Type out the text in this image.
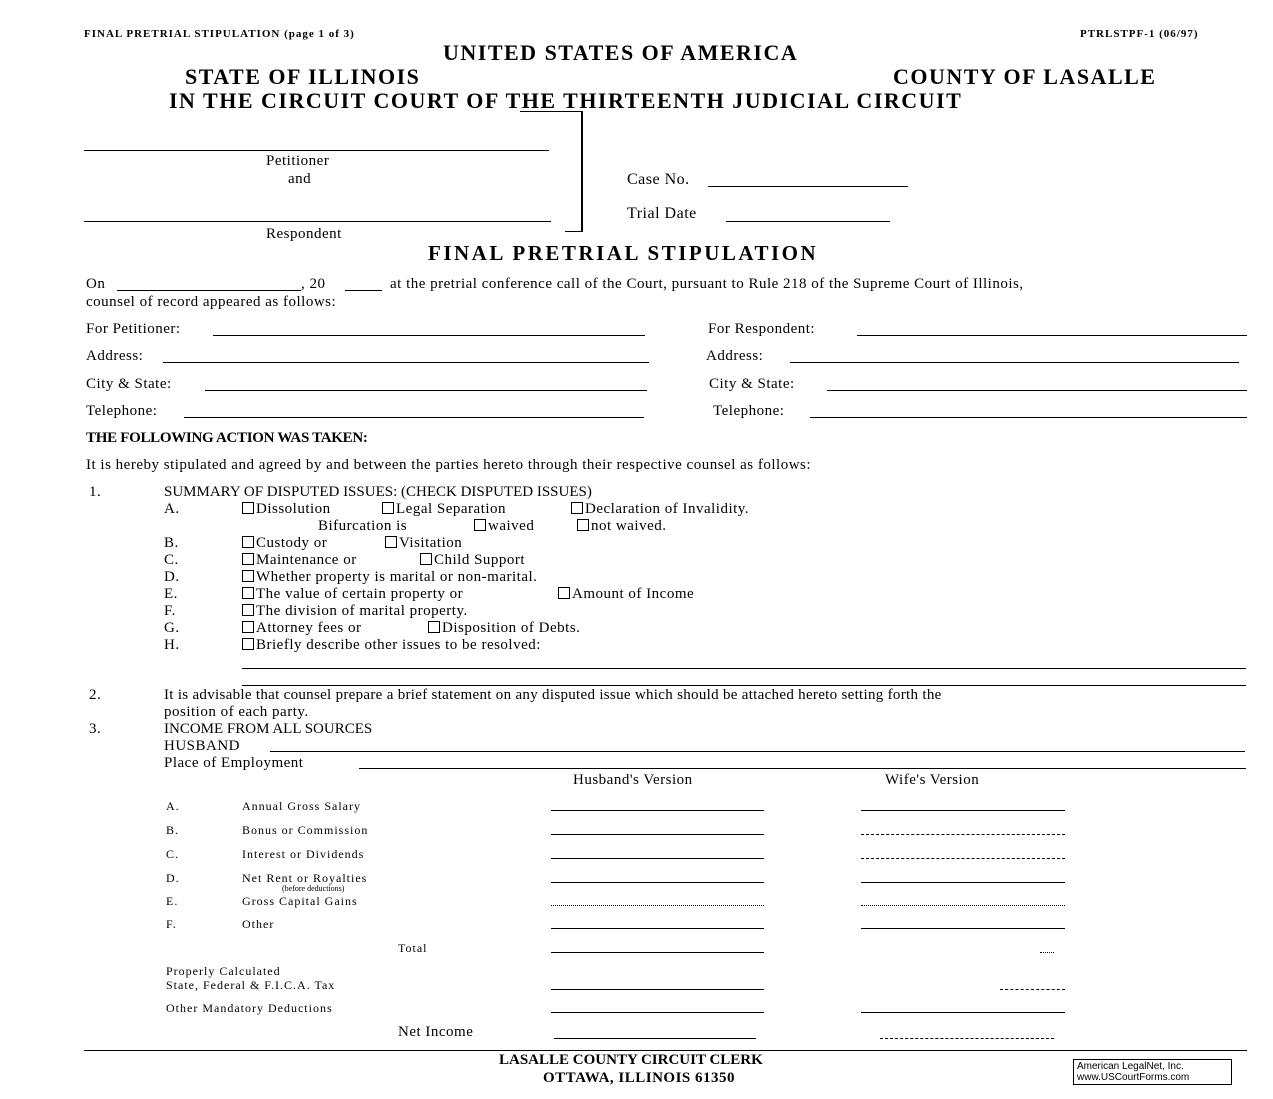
FINAL PRETRIAL STIPULATION (page 1 of 3)	PTRLSTPF-1 (06/97)
UNITED STATES OF AMERICA
STATE OF ILLINOIS	COUNTY OF LASALLE
IN THE CIRCUIT COURT OF THE THIRTEENTH JUDICIAL CIRCUIT
Petitioner
and
Respondent
Case No.
Trial Date
FINAL PRETRIAL STIPULATION
On	, 20	at the pretrial conference call of the Court, pursuant to Rule 218 of the Supreme Court of Illinois,
counsel of record appeared as follows:
For Petitioner:	For Respondent:
Address:	Address:
City & State:	City & State:
Telephone:	Telephone:
THE FOLLOWING ACTION WAS TAKEN:
It is hereby stipulated and agreed by and between the parties hereto through their respective counsel as follows:
1.	SUMMARY OF DISPUTED ISSUES: (CHECK DISPUTED ISSUES)
A.	Dissolution	Legal Separation	Declaration of Invalidity.
Bifurcation is	waived	not waived.
B.	Custody or	Visitation
C.	Maintenance or	Child Support
D.	Whether property is marital or non-marital.
E.	The value of certain property or	Amount of Income
F.	The division of marital property.
G.	Attorney fees or	Disposition of Debts.
H.	Briefly describe other issues to be resolved:
2.	It is advisable that counsel prepare a brief statement on any disputed issue which should be attached hereto setting forth the
position of each party.
3.	INCOME FROM ALL SOURCES
HUSBAND
Place of Employment
Husband's Version	Wife's Version
A.	Annual Gross Salary
B.	Bonus or Commission
C.	Interest or Dividends
D.	Net Rent or Royalties
(before deductions)
E.	Gross Capital Gains
F.	Other
Total
Properly Calculated
State, Federal & F.I.C.A. Tax
Other Mandatory Deductions
Net Income
LASALLE COUNTY CIRCUIT CLERK
OTTAWA, ILLINOIS 61350
American LegalNet, Inc.
www.USCourtForms.com
